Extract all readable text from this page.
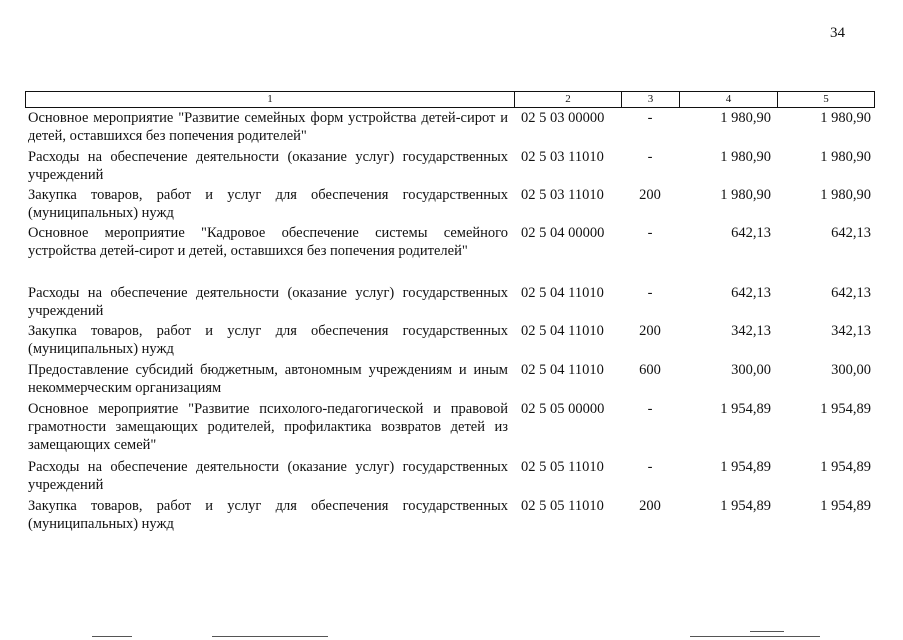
34
1	2	3	4	5
Основное мероприятие "Развитие семейных форм устройства детей-сирот и детей, оставшихся без попечения родителей"	02 5 03 00000	-	1 980,90	1 980,90
Расходы на обеспечение деятельности (оказание услуг) государственных учреждений	02 5 03 11010	-	1 980,90	1 980,90
Закупка товаров, работ и услуг для обеспечения государственных (муниципальных) нужд	02 5 03 11010	200	1 980,90	1 980,90
Основное мероприятие "Кадровое обеспечение системы семейного устройства детей-сирот и детей, оставшихся без попечения родителей"	02 5 04 00000	-	642,13	642,13
Расходы на обеспечение деятельности (оказание услуг) государственных учреждений	02 5 04 11010	-	642,13	642,13
Закупка товаров, работ и услуг для обеспечения государственных (муниципальных) нужд	02 5 04 11010	200	342,13	342,13
Предоставление субсидий бюджетным, автономным учреждениям и иным некоммерческим организациям	02 5 04 11010	600	300,00	300,00
Основное мероприятие "Развитие психолого-педагогической и правовой грамотности замещающих родителей, профилактика возвратов детей из замещающих семей"	02 5 05 00000	-	1 954,89	1 954,89
Расходы на обеспечение деятельности (оказание услуг) государственных учреждений	02 5 05 11010	-	1 954,89	1 954,89
Закупка товаров, работ и услуг для обеспечения государственных (муниципальных) нужд	02 5 05 11010	200	1 954,89	1 954,89
